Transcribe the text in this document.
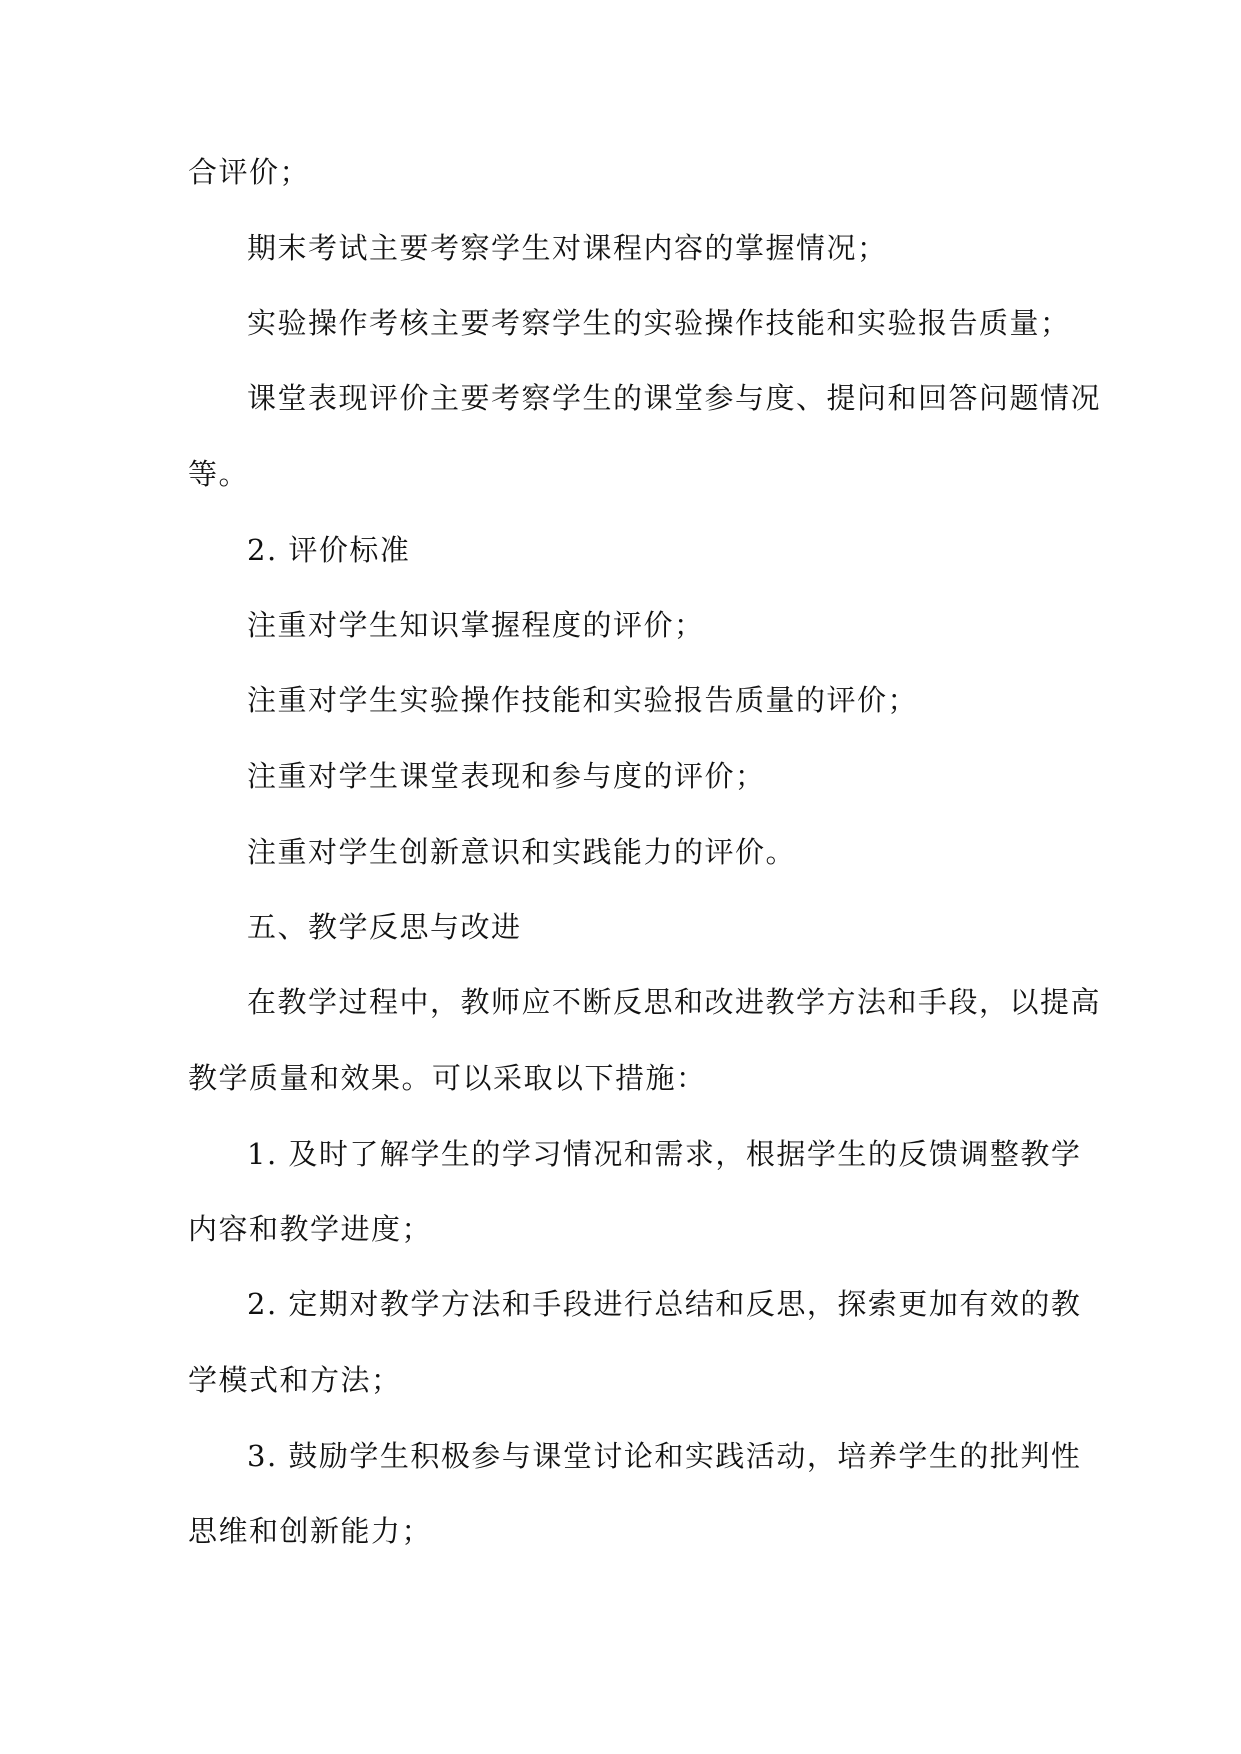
合评价；
期末考试主要考察学生对课程内容的掌握情况；
实验操作考核主要考察学生的实验操作技能和实验报告质量；
课堂表现评价主要考察学生的课堂参与度、提问和回答问题情况
等。
2. 评价标准
注重对学生知识掌握程度的评价；
注重对学生实验操作技能和实验报告质量的评价；
注重对学生课堂表现和参与度的评价；
注重对学生创新意识和实践能力的评价。
五、教学反思与改进
在教学过程中，教师应不断反思和改进教学方法和手段，以提高
教学质量和效果。可以采取以下措施：
1. 及时了解学生的学习情况和需求，根据学生的反馈调整教学
内容和教学进度；
2. 定期对教学方法和手段进行总结和反思，探索更加有效的教
学模式和方法；
3. 鼓励学生积极参与课堂讨论和实践活动，培养学生的批判性
思维和创新能力；
